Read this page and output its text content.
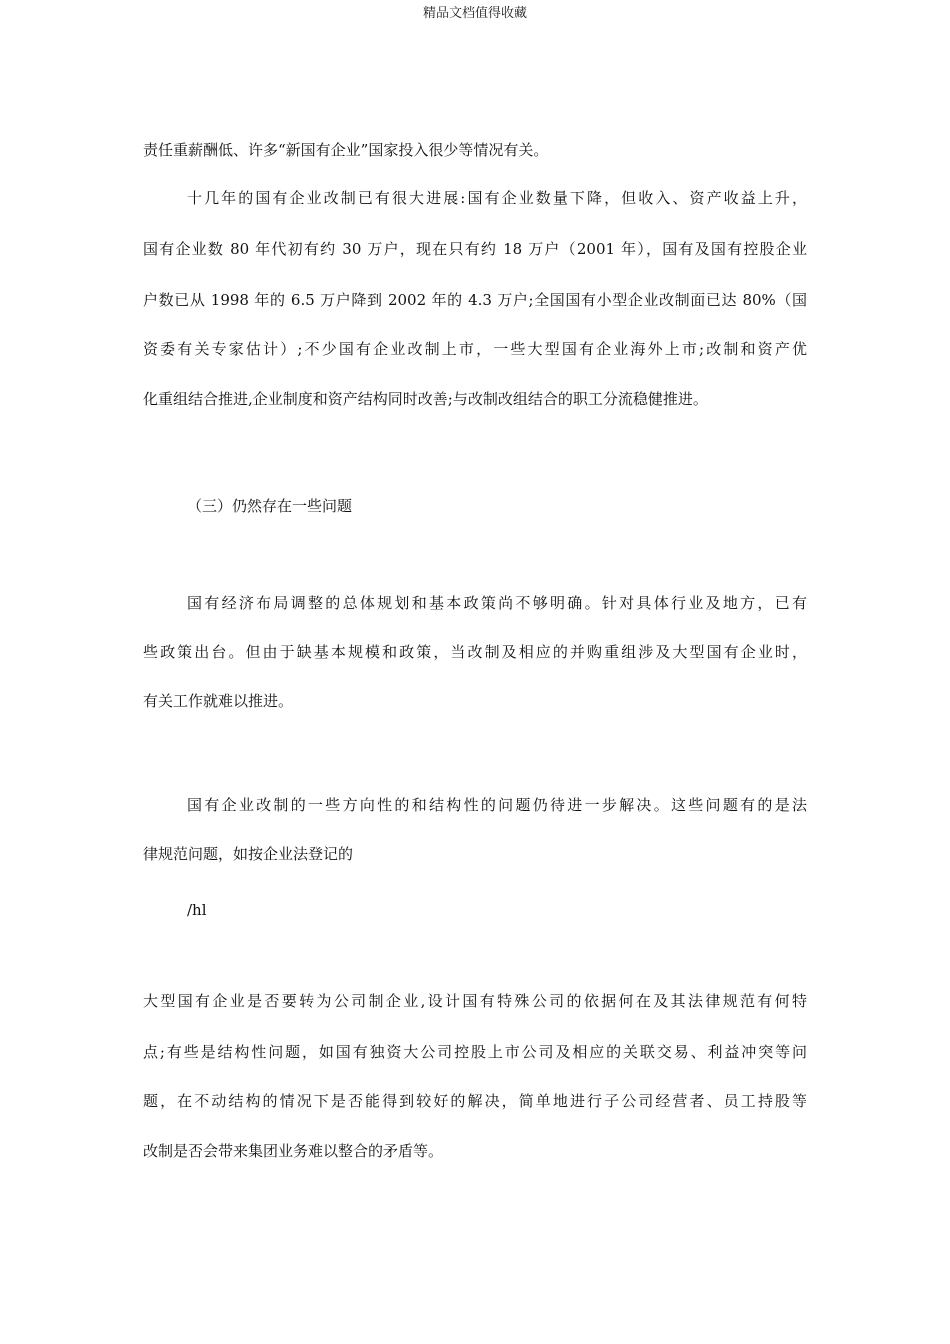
精品文档值得收藏
责任重薪酬低、许多“新国有企业”国家投入很少等情况有关。
十几年的国有企业改制已有很大进展:国有企业数量下降，但收入、资产收益上升，
国有企业数 80 年代初有约 30 万户，现在只有约 18 万户（2001 年），国有及国有控股企业
户数已从 1998 年的 6.5 万户降到 2002 年的 4.3 万户;全国国有小型企业改制面已达 80%（国
资委有关专家估计）;不少国有企业改制上市，一些大型国有企业海外上市;改制和资产优
化重组结合推进,企业制度和资产结构同时改善;与改制改组结合的职工分流稳健推进。
（三）仍然存在一些问题
国有经济布局调整的总体规划和基本政策尚不够明确。针对具体行业及地方，已有
些政策出台。但由于缺基本规模和政策，当改制及相应的并购重组涉及大型国有企业时，
有关工作就难以推进。
国有企业改制的一些方向性的和结构性的问题仍待进一步解决。这些问题有的是法
律规范问题，如按企业法登记的
/hl
大型国有企业是否要转为公司制企业,设计国有特殊公司的依据何在及其法律规范有何特
点;有些是结构性问题，如国有独资大公司控股上市公司及相应的关联交易、利益冲突等问
题，在不动结构的情况下是否能得到较好的解决，简单地进行子公司经营者、员工持股等
改制是否会带来集团业务难以整合的矛盾等。
